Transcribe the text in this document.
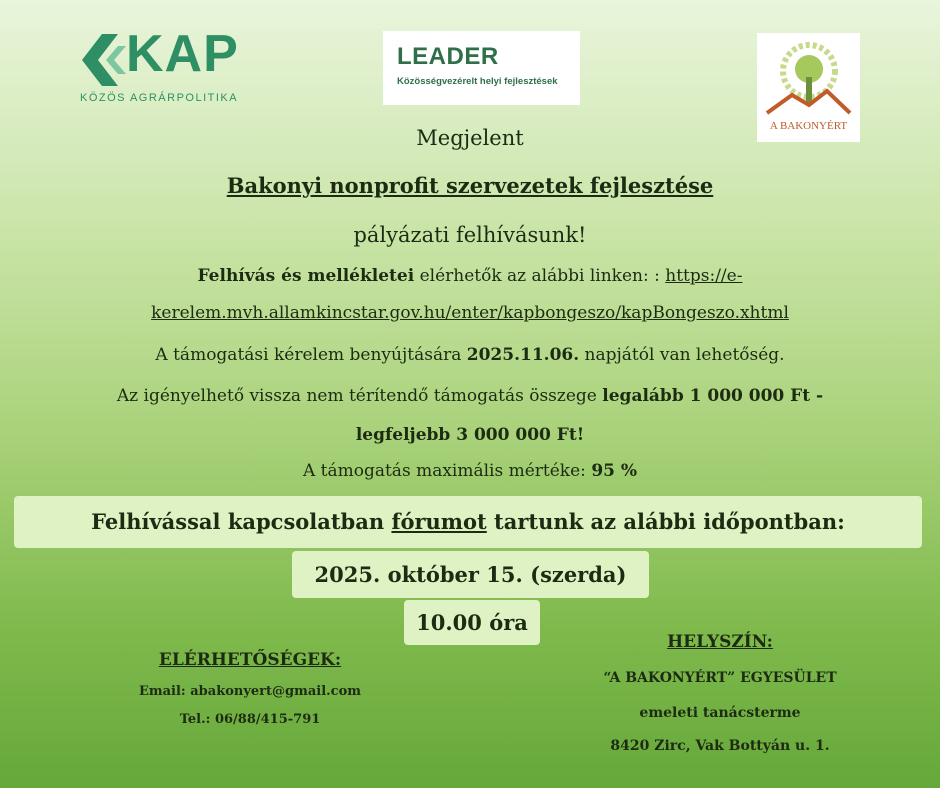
KAP
KÖZÖS AGRÁRPOLITIKA
LEADER
Közösségvezérelt helyi fejlesztések
A BAKONYÉRT
Megjelent
Bakonyi nonprofit szervezetek fejlesztése
pályázati felhívásunk!
Felhívás és mellékletei elérhetők az alábbi linken: : https://e-
kerelem.mvh.allamkincstar.gov.hu/enter/kapbongeszo/kapBongeszo.xhtml
A támogatási kérelem benyújtására 2025.11.06. napjától van lehetőség.
Az igényelhető vissza nem térítendő támogatás összege legalább 1 000 000 Ft -
legfeljebb 3 000 000 Ft!
A támogatás maximális mértéke: 95 %
Felhívással kapcsolatban fórumot tartunk az alábbi időpontban:
2025. október 15. (szerda)
10.00 óra
ELÉRHETŐSÉGEK:
Email: abakonyert@gmail.com
Tel.: 06/88/415-791
HELYSZÍN:
“A BAKONYÉRT” EGYESÜLET
emeleti tanácsterme
8420 Zirc, Vak Bottyán u. 1.
